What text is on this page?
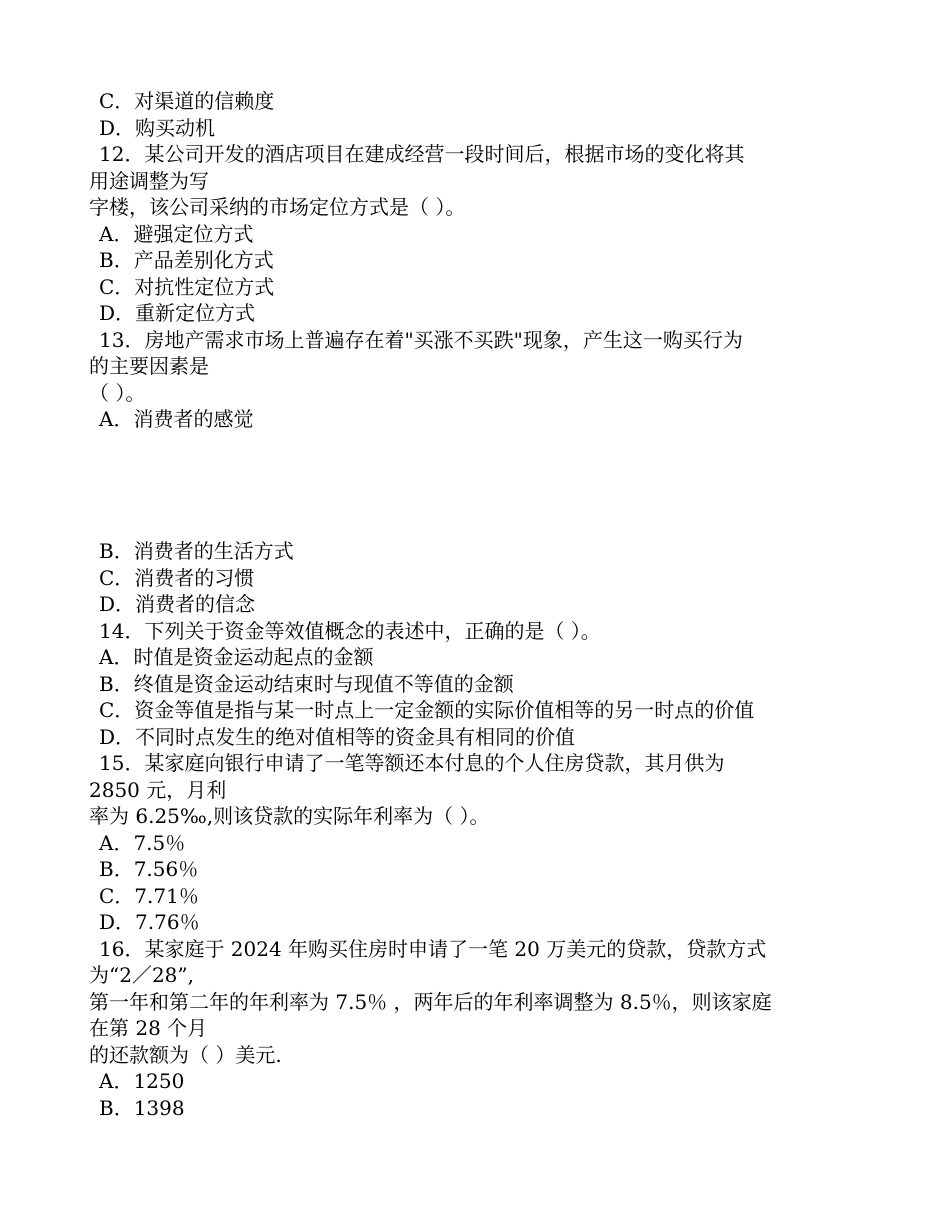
C．对渠道的信赖度
D．购买动机
12．某公司开发的酒店项目在建成经营一段时间后，根据市场的变化将其
用途调整为写
字楼，该公司采纳的市场定位方式是（ ）。
A．避强定位方式
B．产品差别化方式
C．对抗性定位方式
D．重新定位方式
13．房地产需求市场上普遍存在着"买涨不买跌"现象，产生这一购买行为
的主要因素是
（ ）。
A．消费者的感觉
B．消费者的生活方式
C．消费者的习惯
D．消费者的信念
14．下列关于资金等效值概念的表述中，正确的是（ ）。
A．时值是资金运动起点的金额
B．终值是资金运动结束时与现值不等值的金额
C．资金等值是指与某一时点上一定金额的实际价值相等的另一时点的价值
D．不同时点发生的绝对值相等的资金具有相同的价值
15．某家庭向银行申请了一笔等额还本付息的个人住房贷款，其月供为
2850 元，月利
率为 6.25‰,则该贷款的实际年利率为（ ）。
A．7.5％
B．7.56％
C．7.71％
D．7.76％
16．某家庭于 2024 年购买住房时申请了一笔 20 万美元的贷款，贷款方式
为“2／28”,
第一年和第二年的年利率为 7.5％ ，两年后的年利率调整为 8.5％，则该家庭
在第 28 个月
的还款额为（ ）美元.
A．1250
B．1398
